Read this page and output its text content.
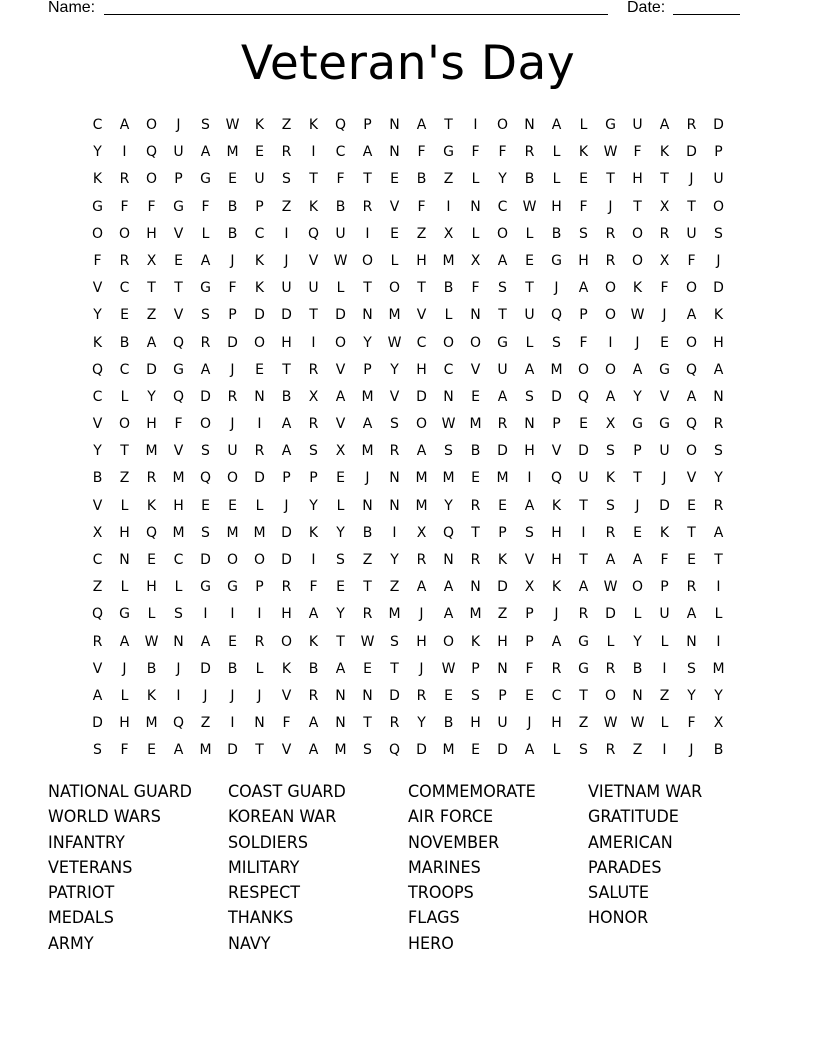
Name:	Date:
Veteran's Day
C	A	O	J	S	W	K	Z	K	Q	P	N	A	T	I	O	N	A	L	G	U	A	R	D
Y	I	Q	U	A	M	E	R	I	C	A	N	F	G	F	F	R	L	K	W	F	K	D	P
K	R	O	P	G	E	U	S	T	F	T	E	B	Z	L	Y	B	L	E	T	H	T	J	U
G	F	F	G	F	B	P	Z	K	B	R	V	F	I	N	C	W	H	F	J	T	X	T	O
O	O	H	V	L	B	C	I	Q	U	I	E	Z	X	L	O	L	B	S	R	O	R	U	S
F	R	X	E	A	J	K	J	V	W	O	L	H	M	X	A	E	G	H	R	O	X	F	J
V	C	T	T	G	F	K	U	U	L	T	O	T	B	F	S	T	J	A	O	K	F	O	D
Y	E	Z	V	S	P	D	D	T	D	N	M	V	L	N	T	U	Q	P	O	W	J	A	K
K	B	A	Q	R	D	O	H	I	O	Y	W	C	O	O	G	L	S	F	I	J	E	O	H
Q	C	D	G	A	J	E	T	R	V	P	Y	H	C	V	U	A	M	O	O	A	G	Q	A
C	L	Y	Q	D	R	N	B	X	A	M	V	D	N	E	A	S	D	Q	A	Y	V	A	N
V	O	H	F	O	J	I	A	R	V	A	S	O	W	M	R	N	P	E	X	G	G	Q	R
Y	T	M	V	S	U	R	A	S	X	M	R	A	S	B	D	H	V	D	S	P	U	O	S
B	Z	R	M	Q	O	D	P	P	E	J	N	M	M	E	M	I	Q	U	K	T	J	V	Y
V	L	K	H	E	E	L	J	Y	L	N	N	M	Y	R	E	A	K	T	S	J	D	E	R
X	H	Q	M	S	M	M	D	K	Y	B	I	X	Q	T	P	S	H	I	R	E	K	T	A
C	N	E	C	D	O	O	D	I	S	Z	Y	R	N	R	K	V	H	T	A	A	F	E	T
Z	L	H	L	G	G	P	R	F	E	T	Z	A	A	N	D	X	K	A	W	O	P	R	I
Q	G	L	S	I	I	I	H	A	Y	R	M	J	A	M	Z	P	J	R	D	L	U	A	L
R	A	W	N	A	E	R	O	K	T	W	S	H	O	K	H	P	A	G	L	Y	L	N	I
V	J	B	J	D	B	L	K	B	A	E	T	J	W	P	N	F	R	G	R	B	I	S	M
A	L	K	I	J	J	J	V	R	N	N	D	R	E	S	P	E	C	T	O	N	Z	Y	Y
D	H	M	Q	Z	I	N	F	A	N	T	R	Y	B	H	U	J	H	Z	W W	L	F	X
S	F	E	A	M	D	T	V	A	M	S	Q	D	M	E	D	A	L	S	R	Z	I	J	B
NATIONAL GUARD
WORLD WARS
INFANTRY
VETERANS
PATRIOT
MEDALS
ARMY
COAST GUARD
KOREAN WAR
SOLDIERS
MILITARY
RESPECT
THANKS
NAVY
COMMEMORATE
AIR FORCE
NOVEMBER
MARINES
TROOPS
FLAGS
HERO
VIETNAM WAR
GRATITUDE
AMERICAN
PARADES
SALUTE
HONOR
